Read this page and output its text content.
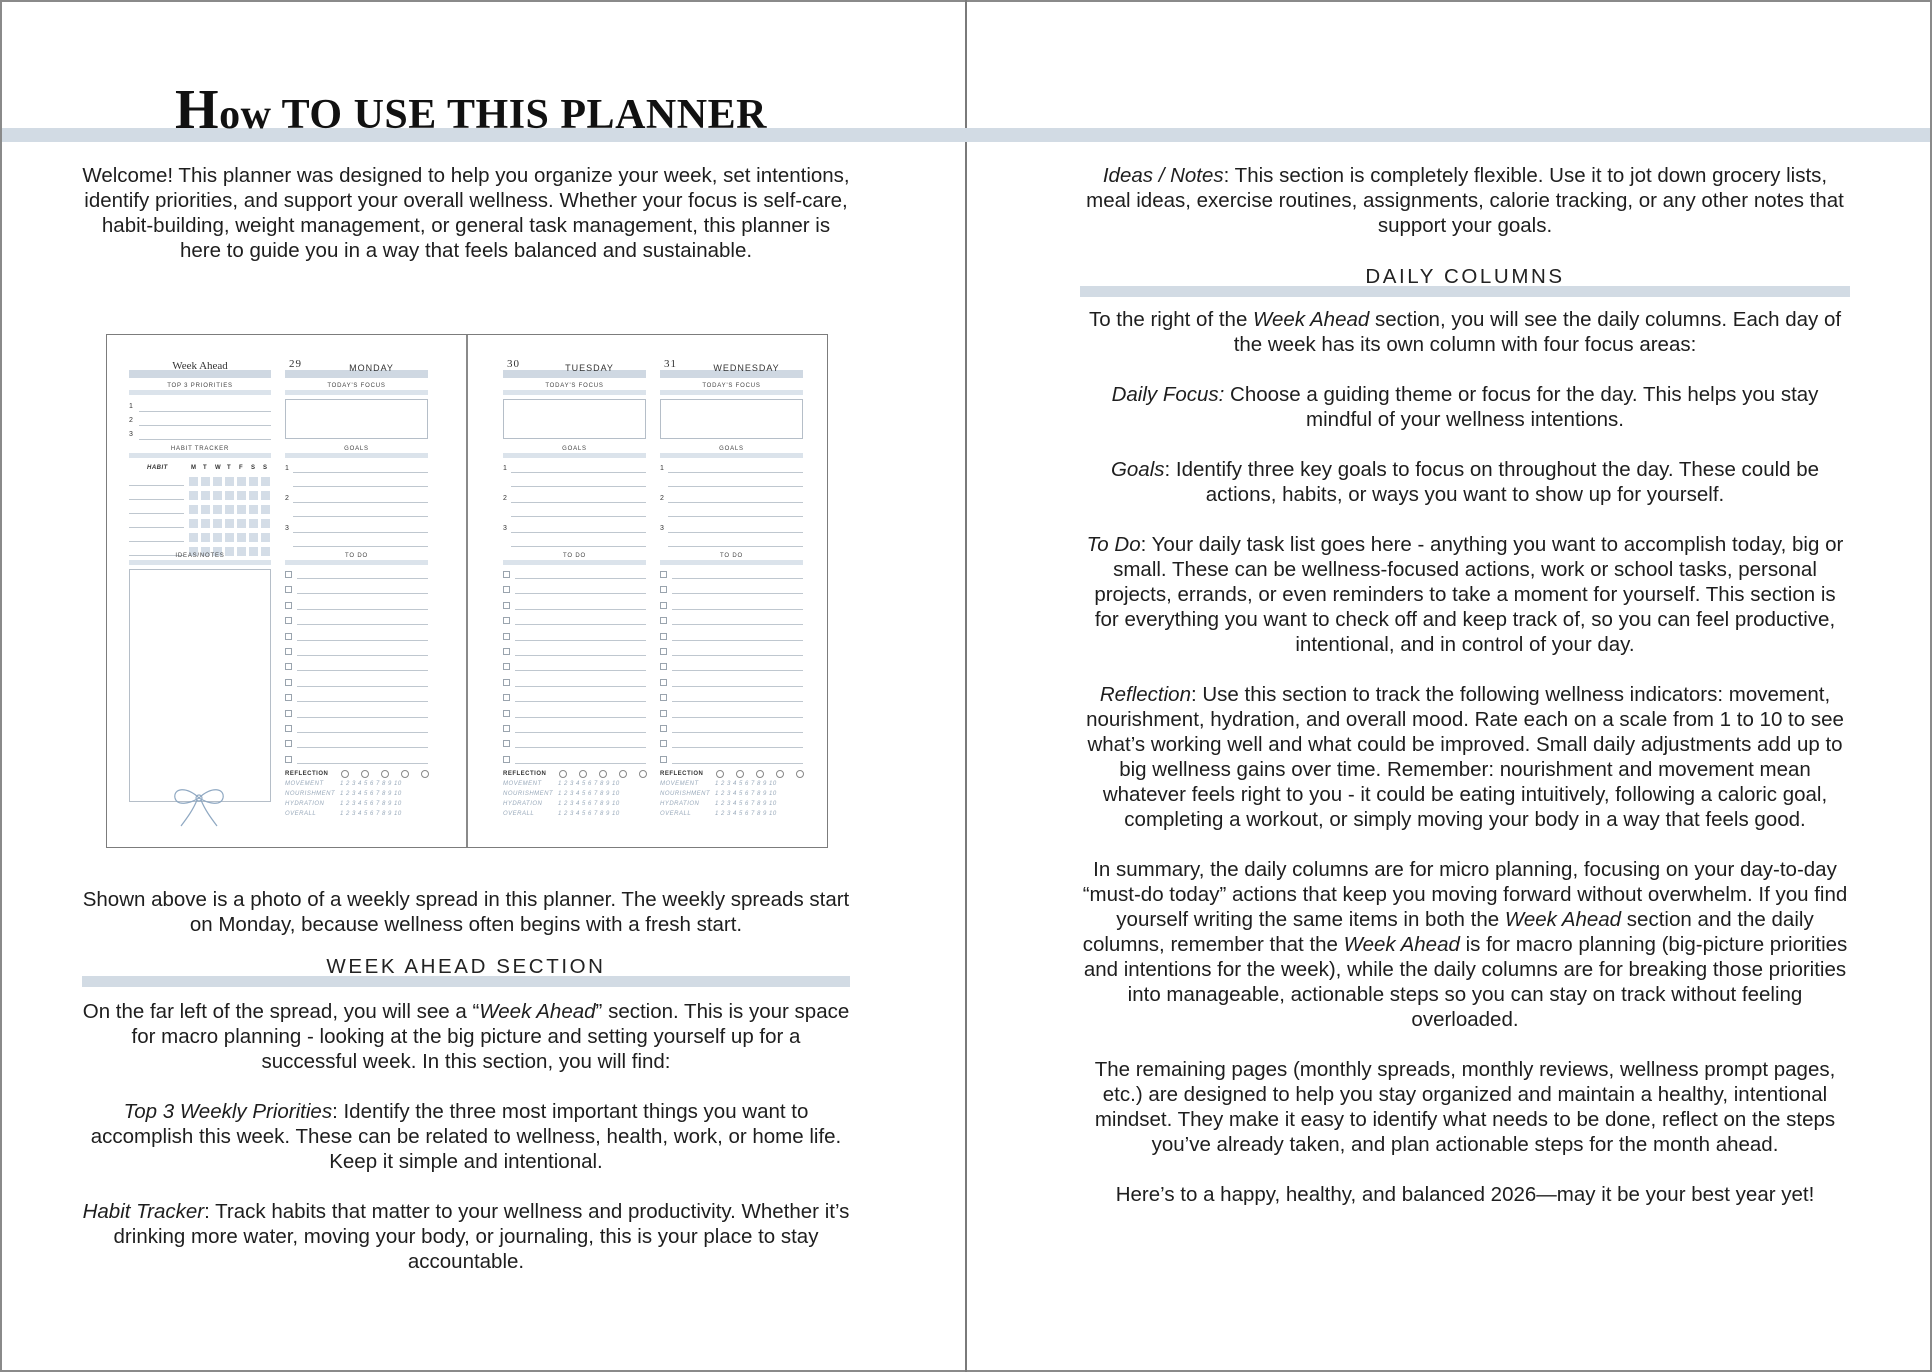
How TO USE THIS PLANNER

Welcome! This planner was designed to help you organize your week, set intentions, identify priorities, and support your overall wellness. Whether your focus is self-care, habit-building, weight management, or general task management, this planner is here to guide you in a way that feels balanced and sustainable.

Week Ahead
TOP 3 PRIORITIES
1
2
3
HABIT TRACKER
HABIT	M T W T F S S
IDEAS/NOTES
29	MONDAY
TODAY'S FOCUS
GOALS
1
2
3
TO DO
REFLECTION
MOVEMENT	1 2 3 4 5 6 7 8 9 10
NOURISHMENT 1 2 3 4 5 6 7 8 9 10
HYDRATION	1 2 3 4 5 6 7 8 9 10
OVERALL	1 2 3 4 5 6 7 8 9 10
30	TUESDAY
TODAY'S FOCUS
GOALS
1
2
3
TO DO
REFLECTION
MOVEMENT	1 2 3 4 5 6 7 8 9 10
NOURISHMENT 1 2 3 4 5 6 7 8 9 10
HYDRATION	1 2 3 4 5 6 7 8 9 10
OVERALL	1 2 3 4 5 6 7 8 9 10
31	WEDNESDAY
TODAY'S FOCUS
GOALS
1
2
3
TO DO
REFLECTION
MOVEMENT	1 2 3 4 5 6 7 8 9 10
NOURISHMENT 1 2 3 4 5 6 7 8 9 10
HYDRATION	1 2 3 4 5 6 7 8 9 10
OVERALL	1 2 3 4 5 6 7 8 9 10

Shown above is a photo of a weekly spread in this planner. The weekly spreads start on Monday, because wellness often begins with a fresh start.

WEEK AHEAD SECTION

On the far left of the spread, you will see a “Week Ahead” section. This is your space for macro planning - looking at the big picture and setting yourself up for a successful week. In this section, you will find:

Top 3 Weekly Priorities: Identify the three most important things you want to accomplish this week. These can be related to wellness, health, work, or home life. Keep it simple and intentional.

Habit Tracker: Track habits that matter to your wellness and productivity. Whether it’s drinking more water, moving your body, or journaling, this is your place to stay accountable.

Ideas / Notes: This section is completely flexible. Use it to jot down grocery lists, meal ideas, exercise routines, assignments, calorie tracking, or any other notes that support your goals.

DAILY COLUMNS

To the right of the Week Ahead section, you will see the daily columns. Each day of the week has its own column with four focus areas:

Daily Focus: Choose a guiding theme or focus for the day. This helps you stay mindful of your wellness intentions.

Goals: Identify three key goals to focus on throughout the day. These could be actions, habits, or ways you want to show up for yourself.

To Do: Your daily task list goes here - anything you want to accomplish today, big or small. These can be wellness-focused actions, work or school tasks, personal projects, errands, or even reminders to take a moment for yourself. This section is for everything you want to check off and keep track of, so you can feel productive, intentional, and in control of your day.

Reflection: Use this section to track the following wellness indicators: movement, nourishment, hydration, and overall mood. Rate each on a scale from 1 to 10 to see what’s working well and what could be improved. Small daily adjustments add up to big wellness gains over time. Remember: nourishment and movement mean whatever feels right to you - it could be eating intuitively, following a caloric goal, completing a workout, or simply moving your body in a way that feels good.

In summary, the daily columns are for micro planning, focusing on your day-to-day “must-do today” actions that keep you moving forward without overwhelm. If you find yourself writing the same items in both the Week Ahead section and the daily columns, remember that the Week Ahead is for macro planning (big-picture priorities and intentions for the week), while the daily columns are for breaking those priorities into manageable, actionable steps so you can stay on track without feeling overloaded.

The remaining pages (monthly spreads, monthly reviews, wellness prompt pages, etc.) are designed to help you stay organized and maintain a healthy, intentional mindset. They make it easy to identify what needs to be done, reflect on the steps you’ve already taken, and plan actionable steps for the month ahead.

Here’s to a happy, healthy, and balanced 2026—may it be your best year yet!
